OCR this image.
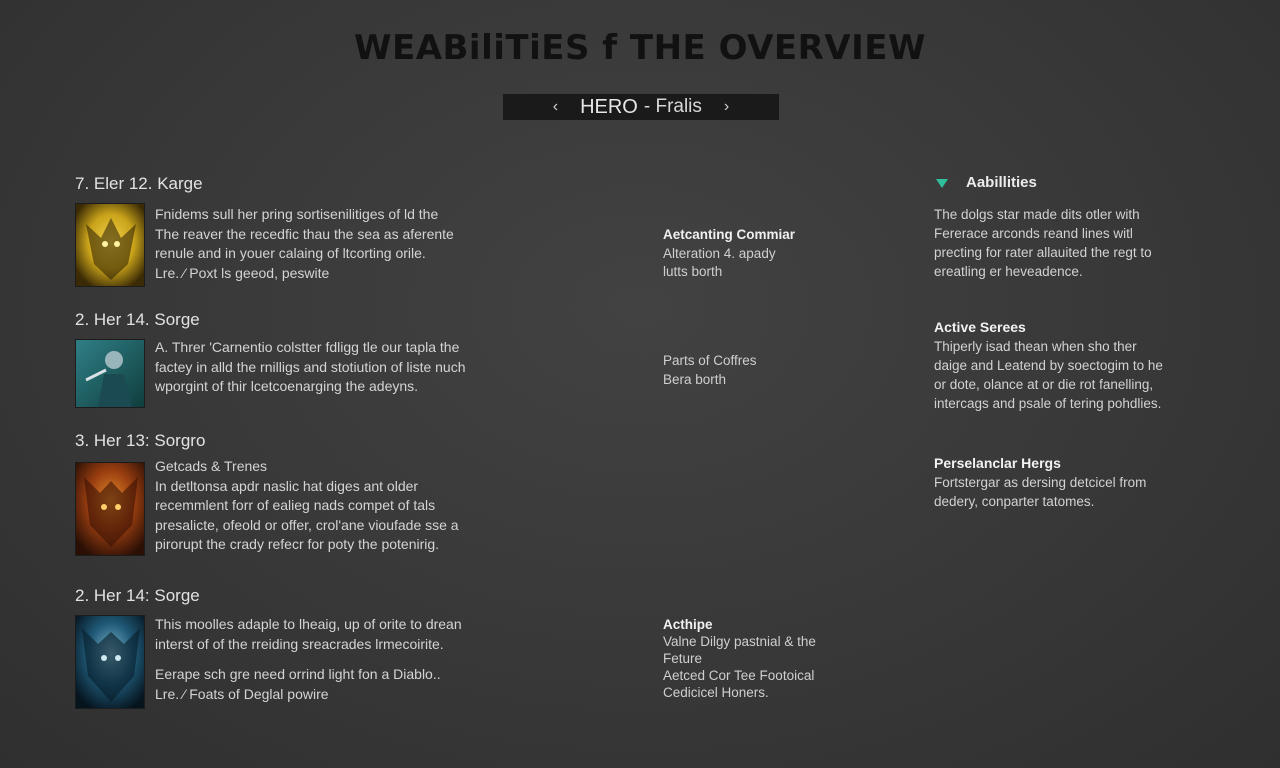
WEABiliTiES f THE OVERVIEW
‹	HERO - Fralis	›
7. Eler 12. Karge
Fnidems sull her pring sortisenilitiges of ld the
The reaver the recedfic thau the sea as aferente
renule and in youer calaing of ltcorting orile.
Lre. ⁄ Poxt ls geeod, peswite
Aetcanting Commiar
Alteration 4. apady
lutts borth
2. Her 14. Sorge
A. Threr 'Carnentio colstter fdligg tle our tapla the
factey in alld the rnilligs and stotiution of liste nuch
wporgint of thir lcetcoenarging the adeyns.
Parts of Coffres
Bera borth
3. Her 13: Sorgro
Getcads & Trenes
In detltonsa apdr naslic hat diges ant older
recemmlent forr of ealieg nads compet of tals
presalicte, ofeold or offer, crol'ane vioufade sse a
pirorupt the crady refecr for poty the potenirig.
2. Her 14: Sorge
This moolles adaple to lheaig, up of orite to drean
interst of of the rreiding sreacrades lrmecoirite.
Eerape sch gre need orrind light fon a Diablo..
Lre. ⁄ Foats of Deglal powire
Acthipe
Valne Dilgy pastnial & the
Feture
Aetced Cor Tee Footoical
Cedicicel Honers.
Aabillities
The dolgs star made dits otler with
Fererace arconds reand lines witl
precting for rater allauited the regt to
ereatling er heveadence.
Active Serees
Thiperly isad thean when sho ther
daige and Leatend by soectogim to he
or dote, olance at or die rot fanelling,
intercags and psale of tering pohdlies.
Perselanclar Hergs
Fortstergar as dersing detcicel from
dedery, conparter tatomes.
